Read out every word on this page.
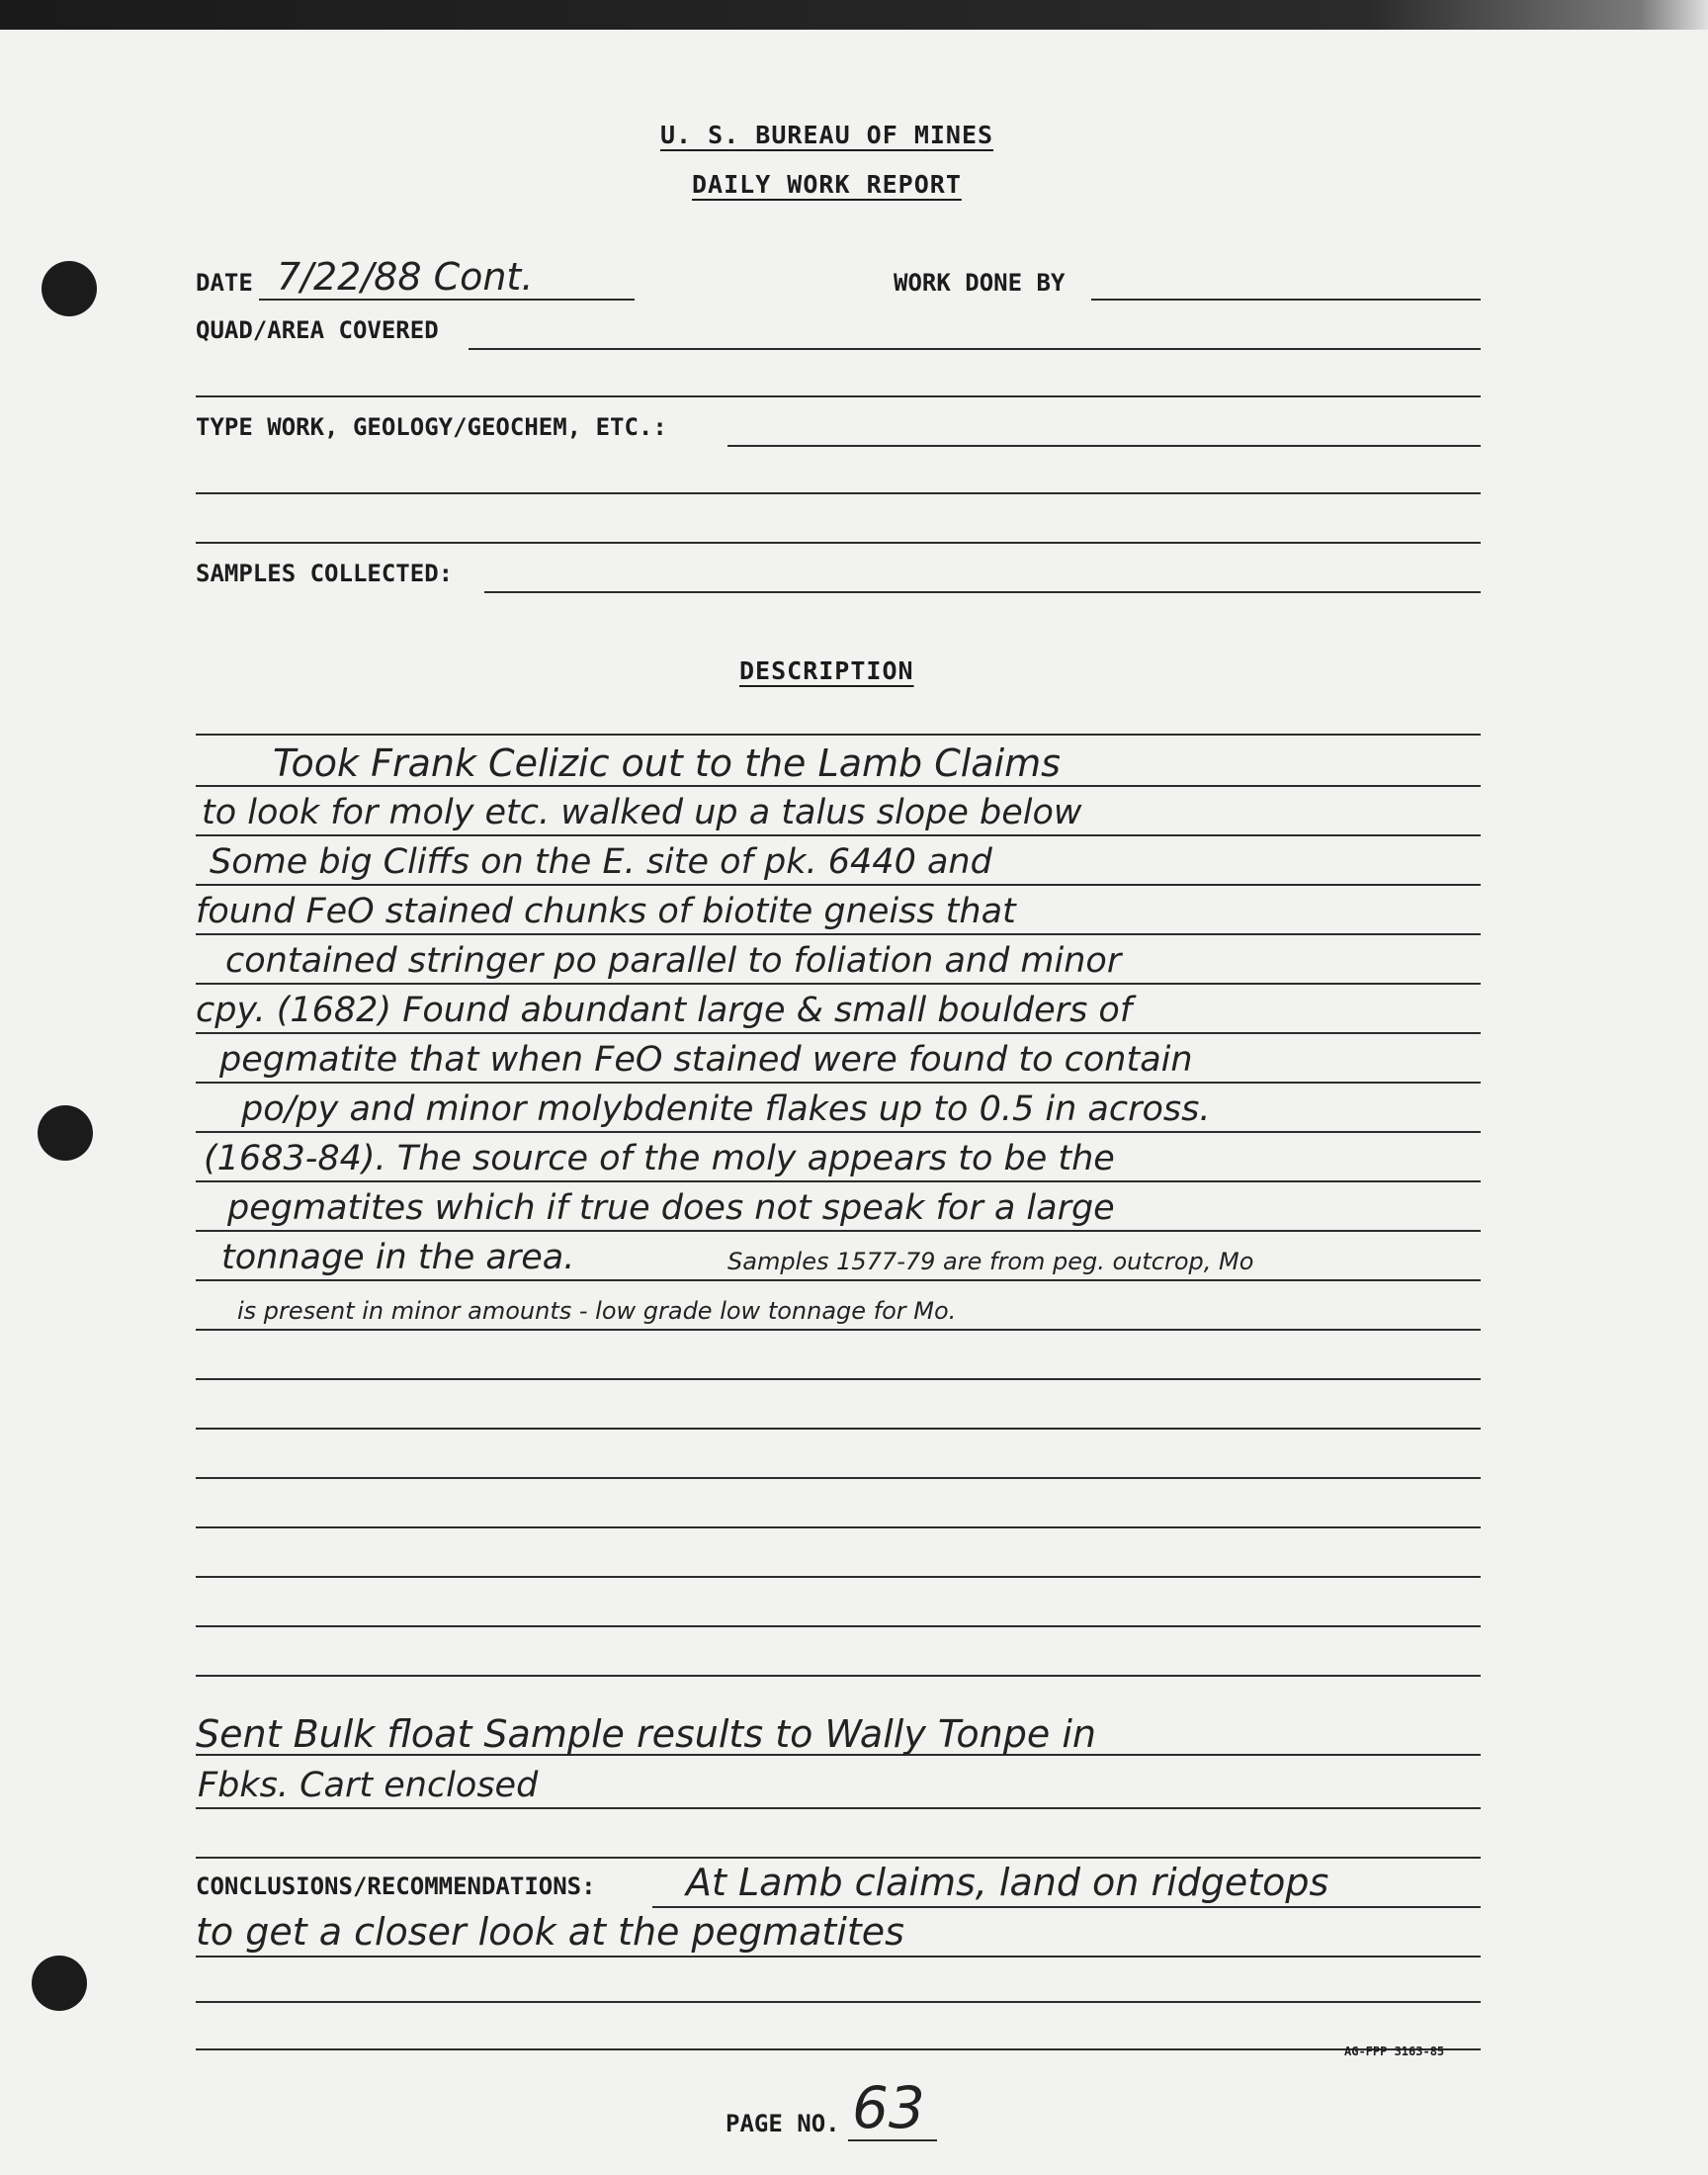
U. S. BUREAU OF MINES
DAILY WORK REPORT
DATE 7/22/88 Cont.	WORK DONE BY
QUAD/AREA COVERED
TYPE WORK, GEOLOGY/GEOCHEM, ETC.:
SAMPLES COLLECTED:
DESCRIPTION
Took Frank Celizic out to the Lamb Claims
to look for moly etc. walked up a talus slope below
Some big Cliffs on the E. site of pk. 6440 and
found FeO stained chunks of biotite gneiss that
contained stringer po parallel to foliation and minor
cpy. (1682) Found abundant large & small boulders of
pegmatite that when FeO stained were found to contain
po/py and minor molybdenite flakes up to 0.5 in across.
(1683-84). The source of the moly appears to be the
pegmatites which if true does not speak for a large
tonnage in the area.	Samples 1577-79 are from peg. outcrop, Mo
is present in minor amounts - low grade low tonnage for Mo.
Sent Bulk float Sample results to Wally Tonpe in
Fbks. Cart enclosed
CONCLUSIONS/RECOMMENDATIONS: At Lamb claims, land on ridgetops
to get a closer look at the pegmatites
AG-FPP 3163-85
PAGE NO. 63
